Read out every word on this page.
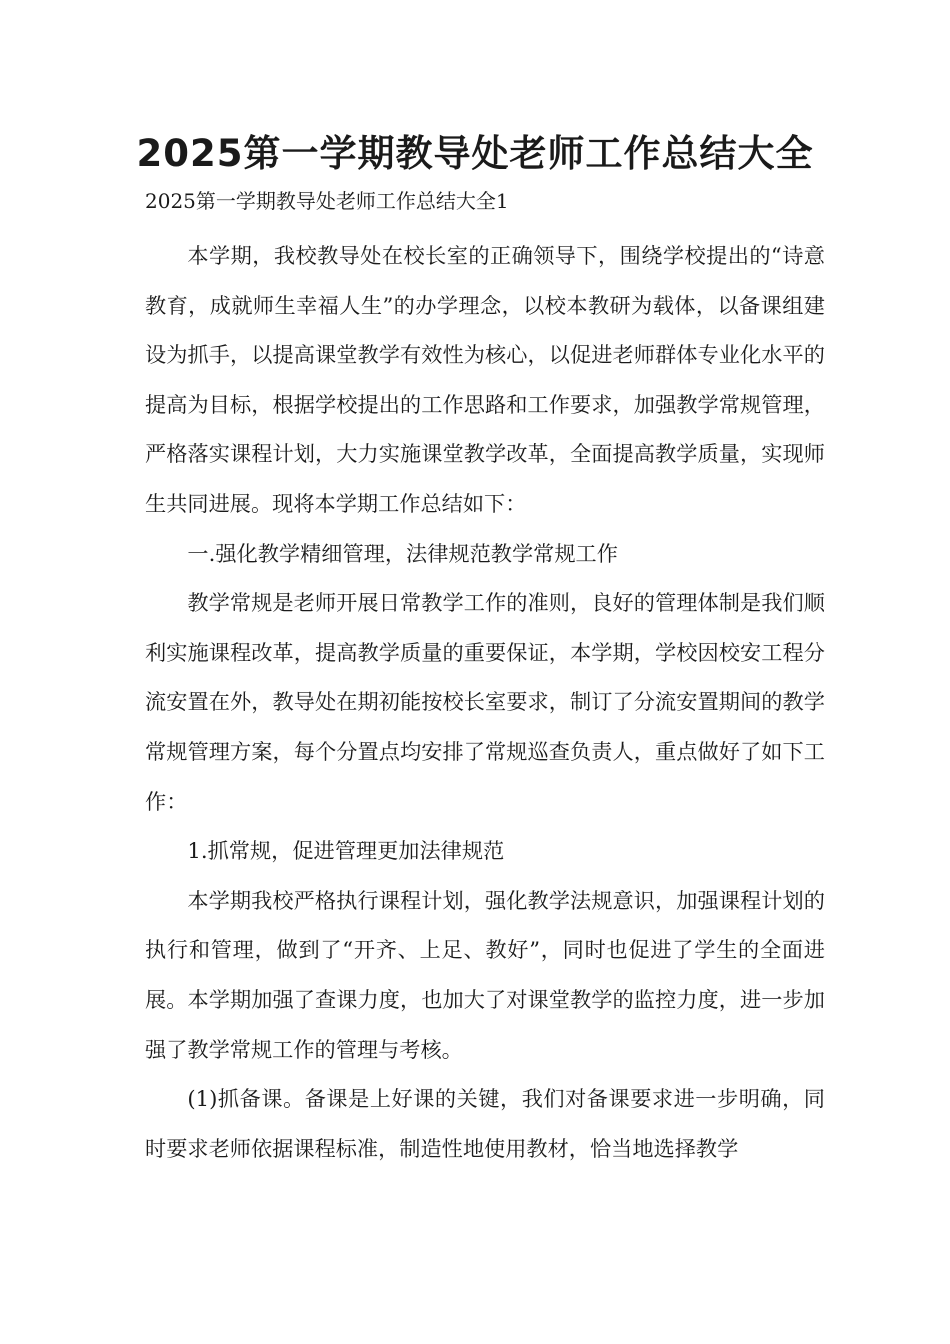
2025第一学期教导处老师工作总结大全

2025第一学期教导处老师工作总结大全1

本学期，我校教导处在校长室的正确领导下，围绕学校提出的“诗意教育，成就师生幸福人生”的办学理念，以校本教研为载体，以备课组建设为抓手，以提高课堂教学有效性为核心，以促进老师群体专业化水平的提高为目标，根据学校提出的工作思路和工作要求，加强教学常规管理，严格落实课程计划，大力实施课堂教学改革，全面提高教学质量，实现师生共同进展。现将本学期工作总结如下：

一.强化教学精细管理，法律规范教学常规工作

教学常规是老师开展日常教学工作的准则，良好的管理体制是我们顺利实施课程改革，提高教学质量的重要保证，本学期，学校因校安工程分流安置在外，教导处在期初能按校长室要求，制订了分流安置期间的教学常规管理方案，每个分置点均安排了常规巡查负责人，重点做好了如下工作：

1.抓常规，促进管理更加法律规范

本学期我校严格执行课程计划，强化教学法规意识，加强课程计划的执行和管理，做到了“开齐、上足、教好”，同时也促进了学生的全面进展。本学期加强了查课力度，也加大了对课堂教学的监控力度，进一步加强了教学常规工作的管理与考核。

(1)抓备课。备课是上好课的关键，我们对备课要求进一步明确，同时要求老师依据课程标准，制造性地使用教材，恰当地选择教学
